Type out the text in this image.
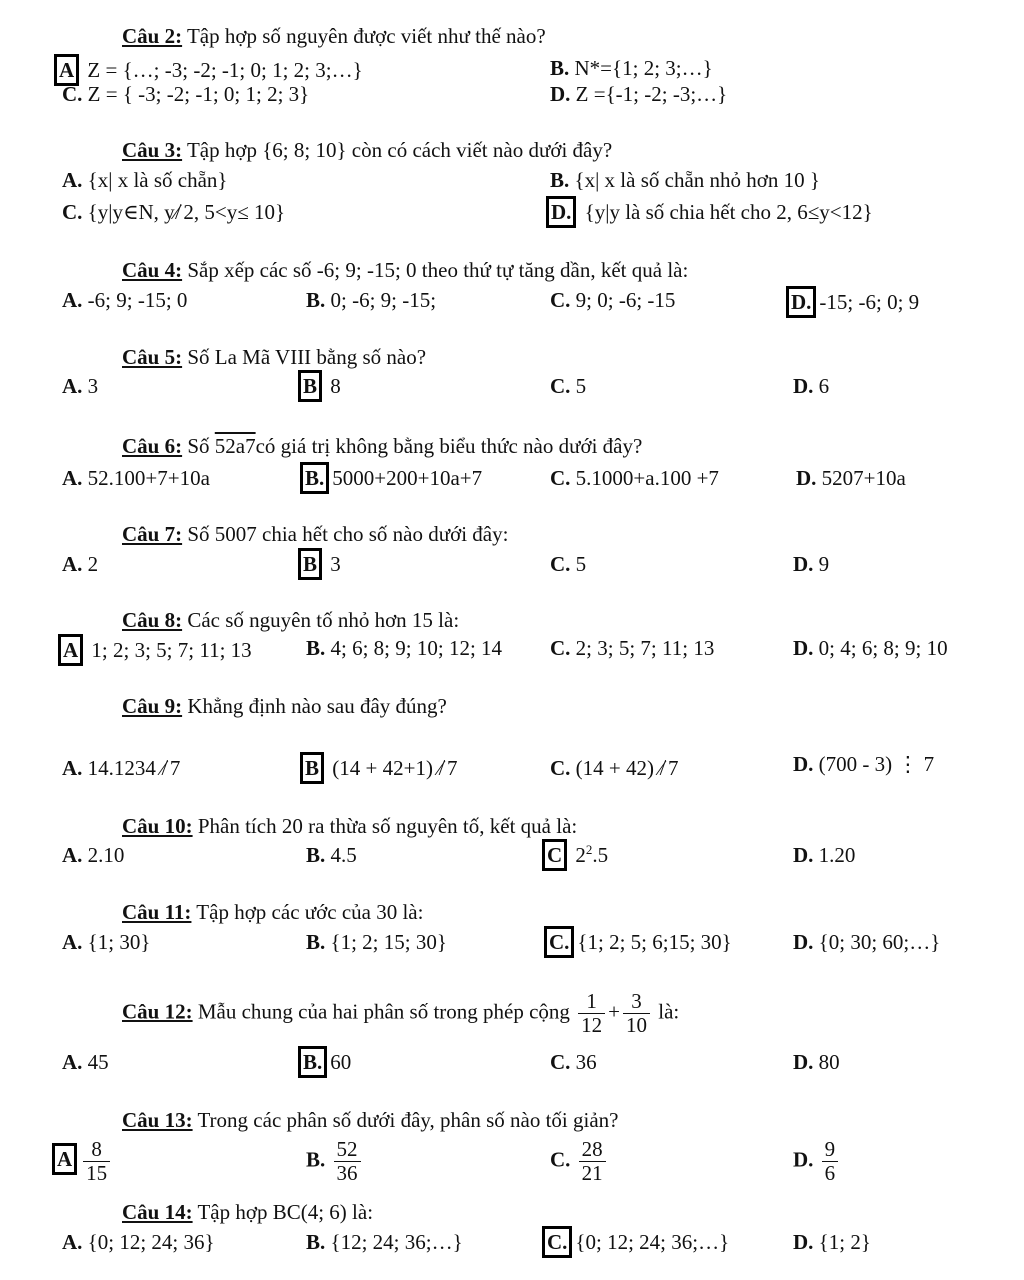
Câu 2: Tập hợp số nguyên được viết như thế nào?
A Z = {…; -3; -2; -1; 0; 1; 2; 3;…}	B. N*={1; 2; 3;…}
C. Z = { -3; -2; -1; 0; 1; 2; 3}	D. Z ={-1; -2; -3;…}
Câu 3: Tập hợp {6; 8; 10} còn có cách viết nào dưới đây?
A. {x| x là số chẵn}	B. {x| x là số chẵn nhỏ hơn 10 }
C. {y|y∈N, y⁄̸ 2, 5<y≤ 10}	D. {y|y là số chia hết cho 2, 6≤y<12}
Câu 4: Sắp xếp các số -6; 9; -15; 0 theo thứ tự tăng dần, kết quả là:
A. -6; 9; -15; 0	B. 0; -6; 9; -15;	C. 9; 0; -6; -15	D. -15; -6; 0; 9
Câu 5: Số La Mã VIII bằng số nào?
A. 3	B 8	C. 5	D. 6
Câu 6: Số 52a7có giá trị không bằng biểu thức nào dưới đây?
A. 52.100+7+10a	B. 5000+200+10a+7	C. 5.1000+a.100 +7	D. 5207+10a
Câu 7: Số 5007 chia hết cho số nào dưới đây:
A. 2	B 3	C. 5	D. 9
Câu 8: Các số nguyên tố nhỏ hơn 15 là:
A 1; 2; 3; 5; 7; 11; 13	B. 4; 6; 8; 9; 10; 12; 14 C. 2; 3; 5; 7; 11; 13	D. 0; 4; 6; 8; 9; 10
Câu 9: Khẳng định nào sau đây đúng?
A. 14.1234 ⁄̸ 7	B (14 + 42+1) ⁄̸ 7	C. (14 + 42) ⁄̸ 7	D. (700 - 3) ⋮ 7
Câu 10: Phân tích 20 ra thừa số nguyên tố, kết quả là:
A. 2.10	B. 4.5	C $2^2.5$	D. 1.20
Câu 11: Tập hợp các ước của 30 là:
A. {1; 30}	B. {1; 2; 15; 30}	C. {1; 2; 5; 6;15; 30}	D. {0; 30; 60;…}
Câu 12: Mẫu chung của hai phân số trong phép cộng $\frac{1}{12} + \frac{3}{10}$ là:
A. 45	B. 60	C. 36	D. 80
Câu 13: Trong các phân số dưới đây, phân số nào tối giản?
A $\frac{8}{15}$	B. $\frac{52}{36}$	C. $\frac{28}{21}$	D. $\frac{9}{6}$
Câu 14: Tập hợp BC(4; 6) là:
A. {0; 12; 24; 36}	B. {12; 24; 36;…}	C. {0; 12; 24; 36;…}	D. {1; 2}
